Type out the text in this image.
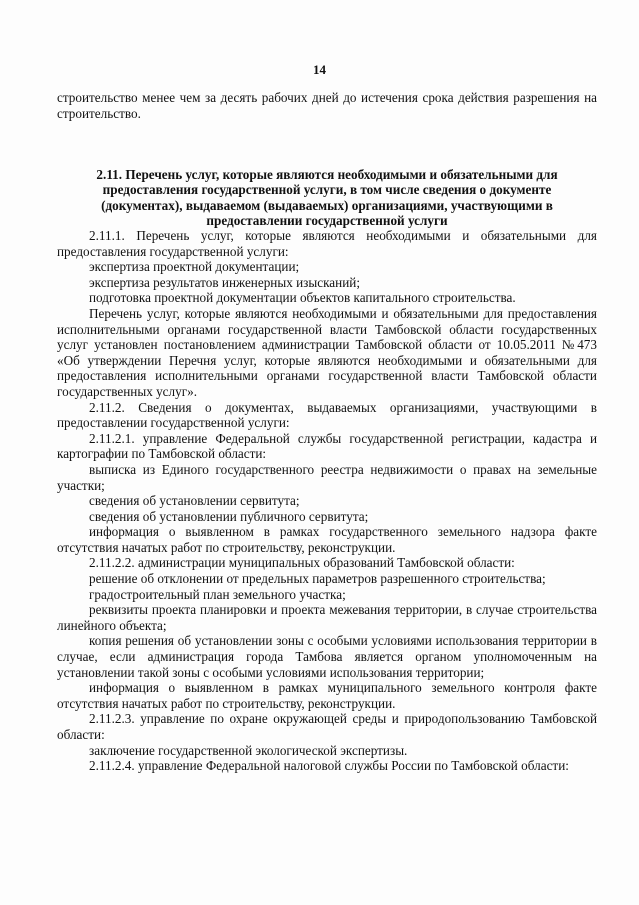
14

строительство менее чем за десять рабочих дней до истечения срока действия разрешения на строительство.

2.11. Перечень услуг, которые являются необходимыми и обязательными для предоставления государственной услуги, в том числе сведения о документе (документах), выдаваемом (выдаваемых) организациями, участвующими в предоставлении государственной услуги

2.11.1. Перечень услуг, которые являются необходимыми и обязательными для предоставления государственной услуги:

экспертиза проектной документации;

экспертиза результатов инженерных изысканий;

подготовка проектной документации объектов капитального строительства.

Перечень услуг, которые являются необходимыми и обязательными для предоставления исполнительными органами государственной власти Тамбовской области государственных услуг установлен постановлением администрации Тамбовской области от 10.05.2011 №473 «Об утверждении Перечня услуг, которые являются необходимыми и обязательными для предоставления исполнительными органами государственной власти Тамбовской области государственных услуг».

2.11.2. Сведения о документах, выдаваемых организациями, участвующими в предоставлении государственной услуги:

2.11.2.1. управление Федеральной службы государственной регистрации, кадастра и картографии по Тамбовской области:

выписка из Единого государственного реестра недвижимости о правах на земельные участки;

сведения об установлении сервитута;

сведения об установлении публичного сервитута;

информация о выявленном в рамках государственного земельного надзора факте отсутствия начатых работ по строительству, реконструкции.

2.11.2.2. администрации муниципальных образований Тамбовской области:

решение об отклонении от предельных параметров разрешенного строительства;

градостроительный план земельного участка;

реквизиты проекта планировки и проекта межевания территории, в случае строительства линейного объекта;

копия решения об установлении зоны с особыми условиями использования территории в случае, если администрация города Тамбова является органом уполномоченным на установлении такой зоны с особыми условиями использования территории;

информация о выявленном в рамках муниципального земельного контроля факте отсутствия начатых работ по строительству, реконструкции.

2.11.2.3. управление по охране окружающей среды и природопользованию Тамбовской области:

заключение государственной экологической экспертизы.

2.11.2.4. управление Федеральной налоговой службы России по Тамбовской области:
